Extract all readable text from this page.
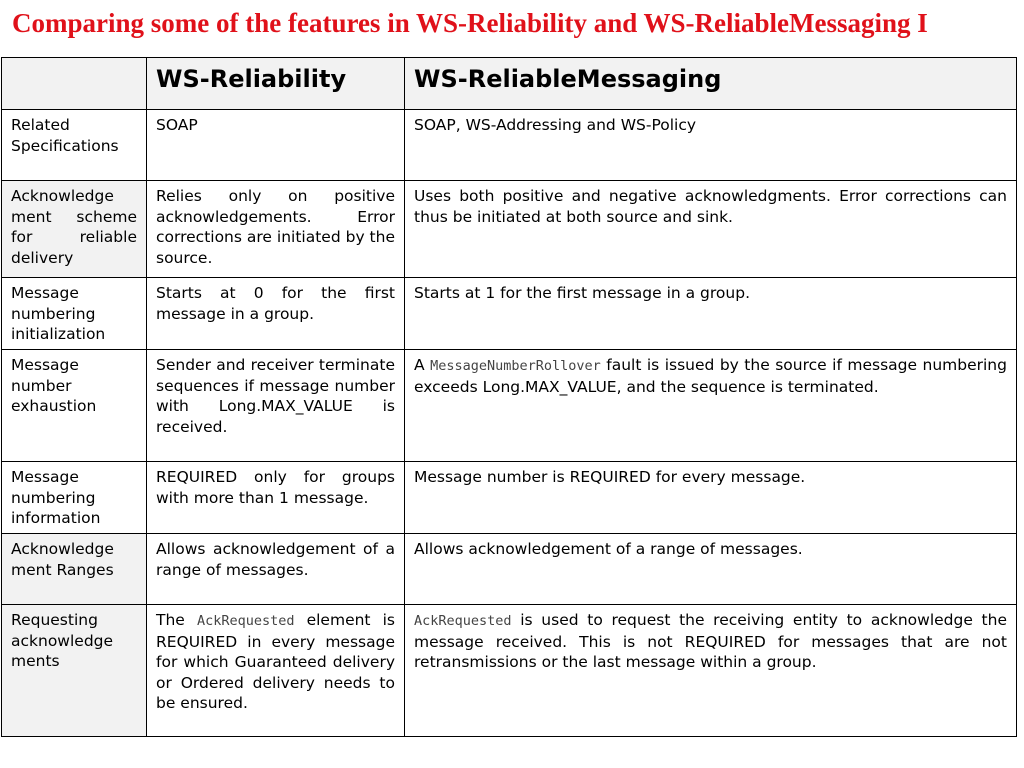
Comparing some of the features in WS-Reliability and WS-ReliableMessaging I
	WS-Reliability	WS-ReliableMessaging
Related Specifications	SOAP	SOAP, WS-Addressing and WS-Policy
Acknowledge ment scheme for reliable delivery	Relies only on positive acknowledgements. Error corrections are initiated by the source.	Uses both positive and negative acknowledgments. Error corrections can thus be initiated at both source and sink.
Message numbering initialization	Starts at 0 for the first message in a group.	Starts at 1 for the first message in a group.
Message number exhaustion	Sender and receiver terminate sequences if message number with Long.MAX_VALUE is received.	A MessageNumberRollover fault is issued by the source if message numbering exceeds Long.MAX_VALUE, and the sequence is terminated.
Message numbering information	REQUIRED only for groups with more than 1 message.	Message number is REQUIRED for every message.
Acknowledge ment Ranges	Allows acknowledgement of a range of messages.	Allows acknowledgement of a range of messages.
Requesting acknowledge ments	The AckRequested element is REQUIRED in every message for which Guaranteed delivery or Ordered delivery needs to be ensured.	AckRequested is used to request the receiving entity to acknowledge the message received. This is not REQUIRED for messages that are not retransmissions or the last message within a group.
